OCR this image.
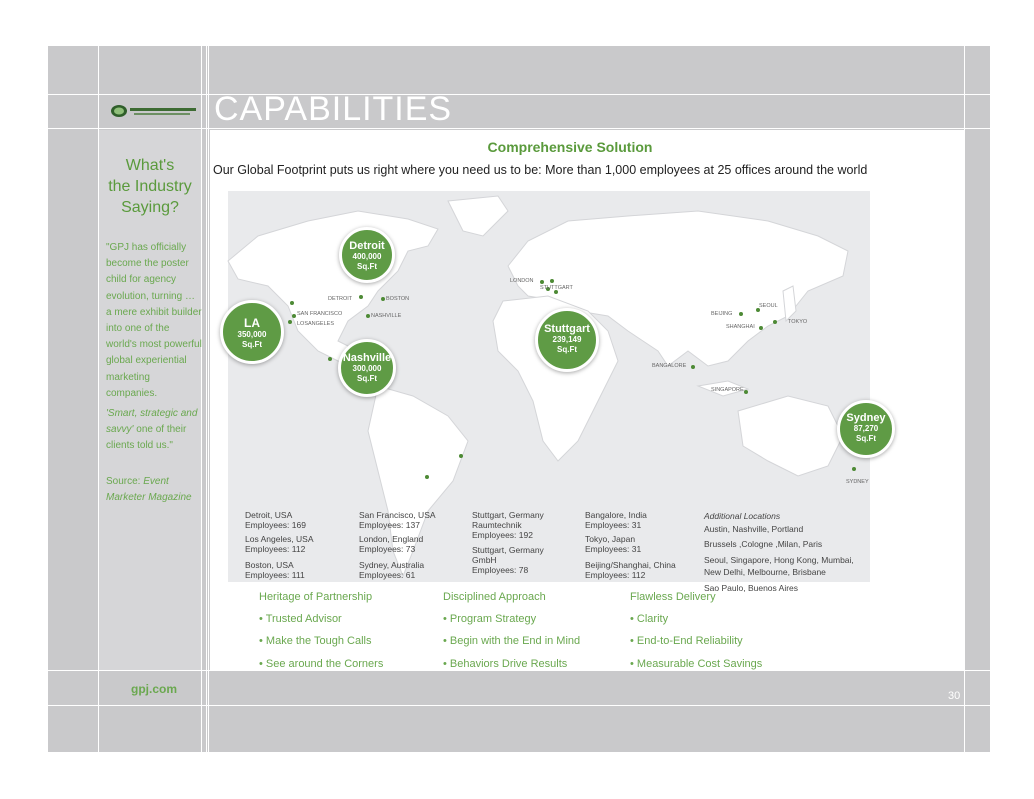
CAPABILITIES
Comprehensive Solution
Our Global Footprint puts us right where you need us to be: More than 1,000 employees at 25 offices around the world
What's
the Industry
Saying?
"GPJ has officially become the poster child for agency evolution, turning … a mere exhibit builder into one of the world's most powerful global experiential marketing companies.
'Smart, strategic and savvy' one of their clients told us."
Source: Event Marketer Magazine
DETROIT	BOSTON
SAN FRANCISCO	NASHVILLE
LOSANGELES
LONDON
STUTTGART
BEIJING
SEOUL
TOKYO
SHANGHAI
BANGALORE
SINGAPORE
SYDNEY
Detroit
400,000
Sq.Ft
LA
350,000
Sq.Ft
Nashville
300,000
Sq.Ft
Stuttgart
239,149
Sq.Ft
Sydney
87,270
Sq.Ft
Detroit, USA
Employees: 169
Los Angeles, USA
Employees: 112
Boston, USA
Employees: 111
San Francisco, USA
Employees: 137
London, England
Employees: 73
Sydney, Australia
Employees: 61
Stuttgart, Germany
Raumtechnik
Employees: 192
Stuttgart, Germany
GmbH
Employees: 78
Bangalore, India
Employees: 31
Tokyo, Japan
Employees: 31
Beijing/Shanghai, China
Employees: 112
Additional Locations
Austin, Nashville, Portland
Brussels ,Cologne ,Milan, Paris
Seoul, Singapore, Hong Kong, Mumbai,
New Delhi, Melbourne, Brisbane
Sao Paulo, Buenos Aires
Heritage of Partnership
• Trusted Advisor
• Make the Tough Calls
• See around the Corners
Disciplined Approach
• Program Strategy
• Begin with the End in Mind
• Behaviors Drive Results
Flawless Delivery
• Clarity
• End-to-End Reliability
• Measurable Cost Savings
gpj.com	30
